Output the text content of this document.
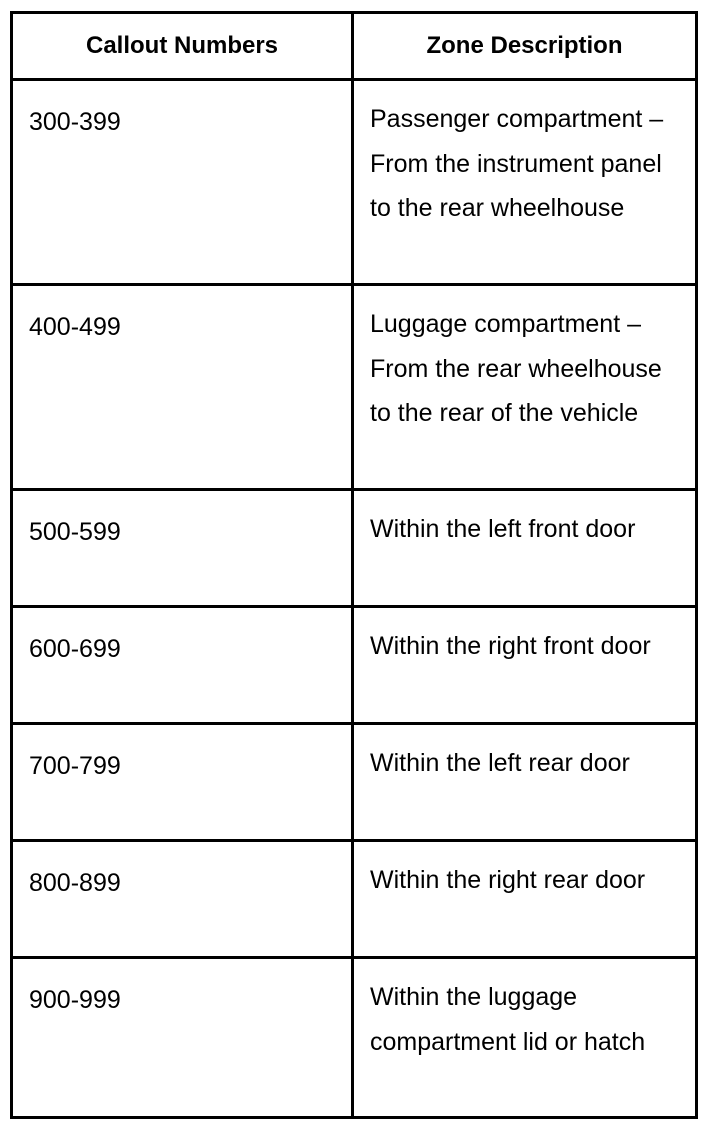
Callout Numbers	Zone Description
300-399	Passenger compartment – From the instrument panel to the rear wheelhouse
400-499	Luggage compartment – From the rear wheelhouse to the rear of the vehicle
500-599	Within the left front door
600-699	Within the right front door
700-799	Within the left rear door
800-899	Within the right rear door
900-999	Within the luggage compartment lid or hatch
